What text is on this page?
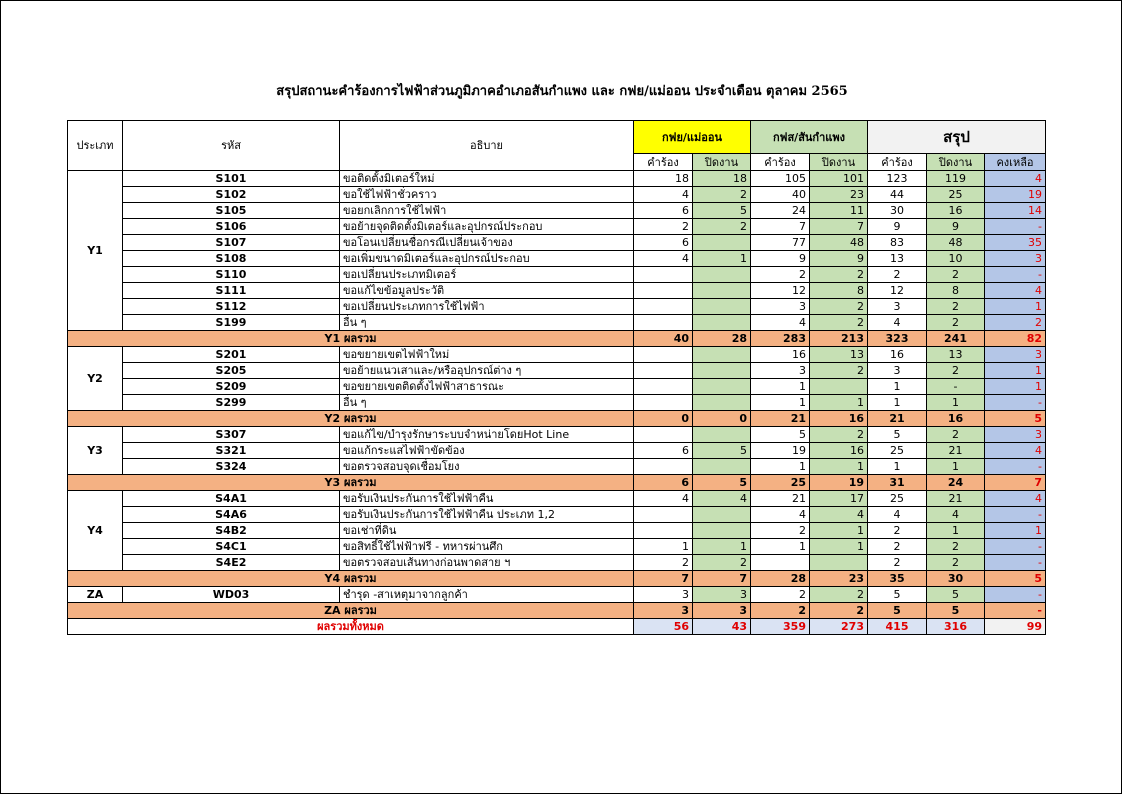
สรุปสถานะคำร้องการไฟฟ้าส่วนภูมิภาคอำเภอสันกำแพง และ กฟย/แม่ออน ประจำเดือน ตุลาคม 2565
ประเภท	รหัส	อธิบาย	กฟย/แม่ออน		กฟส/สันกำแพง		สรุป		
			คำร้อง	ปิดงาน	คำร้อง	ปิดงาน	คำร้อง	ปิดงาน	คงเหลือ
Y1	S101	ขอติดตั้งมิเตอร์ใหม่	18	18	105	101	123	119	4
	S102	ขอใช้ไฟฟ้าชั่วคราว	4	2	40	23	44	25	19
	S105	ขอยกเลิกการใช้ไฟฟ้า	6	5	24	11	30	16	14
	S106	ขอย้ายจุดติดตั้งมิเตอร์และอุปกรณ์ประกอบ	2	2	7	7	9	9	-
	S107	ขอโอนเปลี่ยนชื่อกรณีเปลี่ยนเจ้าของ	6		77	48	83	48	35
	S108	ขอเพิ่มขนาดมิเตอร์และอุปกรณ์ประกอบ	4	1	9	9	13	10	3
	S110	ขอเปลี่ยนประเภทมิเตอร์			2	2	2	2	-
	S111	ขอแก้ไขข้อมูลประวัติ			12	8	12	8	4
	S112	ขอเปลี่ยนประเภทการใช้ไฟฟ้า			3	2	3	2	1
	S199	อื่น ๆ			4	2	4	2	2
Y1 ผลรวม			40	28	283	213	323	241	82
Y2	S201	ขอขยายเขตไฟฟ้าใหม่			16	13	16	13	3
	S205	ขอย้ายแนวเสาและ/หรืออุปกรณ์ต่าง ๆ			3	2	3	2	1
	S209	ขอขยายเขตติดตั้งไฟฟ้าสาธารณะ			1		1	-	1
	S299	อื่น ๆ			1	1	1	1	-
Y2 ผลรวม			0	0	21	16	21	16	5
Y3	S307	ขอแก้ไข/บำรุงรักษาระบบจำหน่ายโดยHot Line			5	2	5	2	3
	S321	ขอแก้กระแสไฟฟ้าขัดข้อง	6	5	19	16	25	21	4
	S324	ขอตรวจสอบจุดเชื่อมโยง			1	1	1	1	-
Y3 ผลรวม			6	5	25	19	31	24	7
Y4	S4A1	ขอรับเงินประกันการใช้ไฟฟ้าคืน	4	4	21	17	25	21	4
	S4A6	ขอรับเงินประกันการใช้ไฟฟ้าคืน ประเภท 1,2			4	4	4	4	-
	S4B2	ขอเช่าที่ดิน			2	1	2	1	1
	S4C1	ขอสิทธิ์ใช้ไฟฟ้าฟรี - ทหารผ่านศึก	1	1	1	1	2	2	-
	S4E2	ขอตรวจสอบเส้นทางก่อนพาดสาย ฯ	2	2			2	2	-
Y4 ผลรวม			7	7	28	23	35	30	5
ZA	WD03	ชำรุด -สาเหตุมาจากลูกค้า	3	3	2	2	5	5	-
ZA ผลรวม			3	3	2	2	5	5	-
ผลรวมทั้งหมด			56	43	359	273	415	316	99
